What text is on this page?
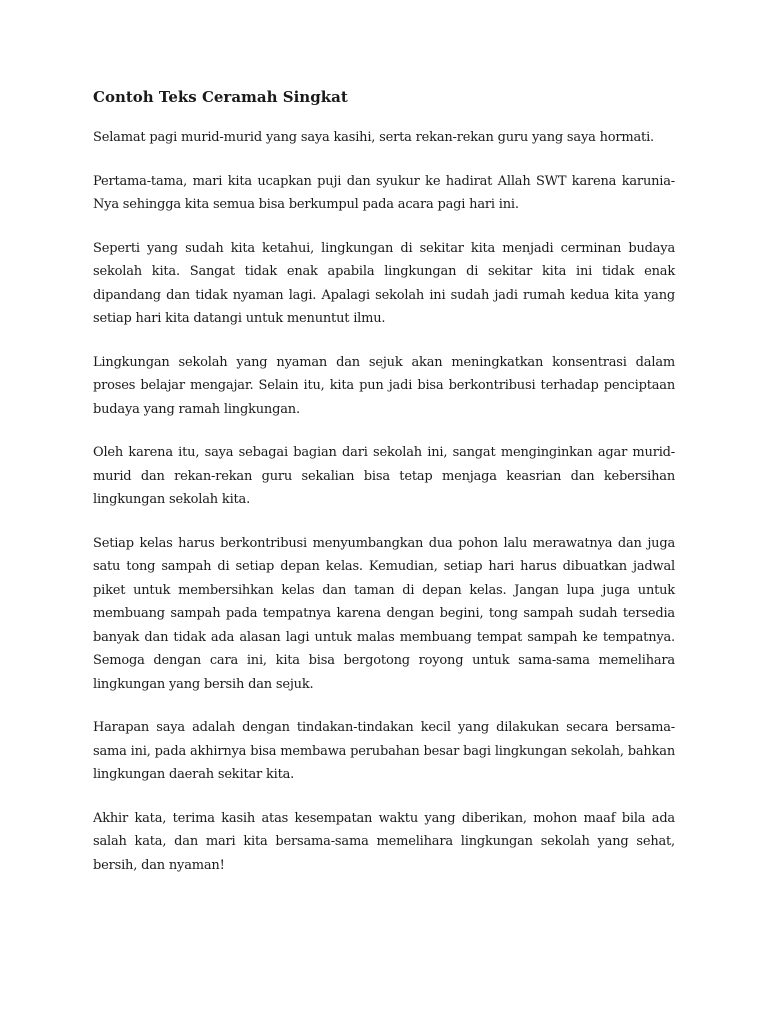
Contoh Teks Ceramah Singkat

Selamat pagi murid-murid yang saya kasihi, serta rekan-rekan guru yang saya hormati.

Pertama-tama, mari kita ucapkan puji dan syukur ke hadirat Allah SWT karena karunia-Nya sehingga kita semua bisa berkumpul pada acara pagi hari ini.

Seperti yang sudah kita ketahui, lingkungan di sekitar kita menjadi cerminan budaya sekolah kita. Sangat tidak enak apabila lingkungan di sekitar kita ini tidak enak dipandang dan tidak nyaman lagi. Apalagi sekolah ini sudah jadi rumah kedua kita yang setiap hari kita datangi untuk menuntut ilmu.

Lingkungan sekolah yang nyaman dan sejuk akan meningkatkan konsentrasi dalam proses belajar mengajar. Selain itu, kita pun jadi bisa berkontribusi terhadap penciptaan budaya yang ramah lingkungan.

Oleh karena itu, saya sebagai bagian dari sekolah ini, sangat menginginkan agar murid-murid dan rekan-rekan guru sekalian bisa tetap menjaga keasrian dan kebersihan lingkungan sekolah kita.

Setiap kelas harus berkontribusi menyumbangkan dua pohon lalu merawatnya dan juga satu tong sampah di setiap depan kelas. Kemudian, setiap hari harus dibuatkan jadwal piket untuk membersihkan kelas dan taman di depan kelas. Jangan lupa juga untuk membuang sampah pada tempatnya karena dengan begini, tong sampah sudah tersedia banyak dan tidak ada alasan lagi untuk malas membuang tempat sampah ke tempatnya. Semoga dengan cara ini, kita bisa bergotong royong untuk sama-sama memelihara lingkungan yang bersih dan sejuk.

Harapan saya adalah dengan tindakan-tindakan kecil yang dilakukan secara bersama-sama ini, pada akhirnya bisa membawa perubahan besar bagi lingkungan sekolah, bahkan lingkungan daerah sekitar kita.

Akhir kata, terima kasih atas kesempatan waktu yang diberikan, mohon maaf bila ada salah kata, dan mari kita bersama-sama memelihara lingkungan sekolah yang sehat, bersih, dan nyaman!
